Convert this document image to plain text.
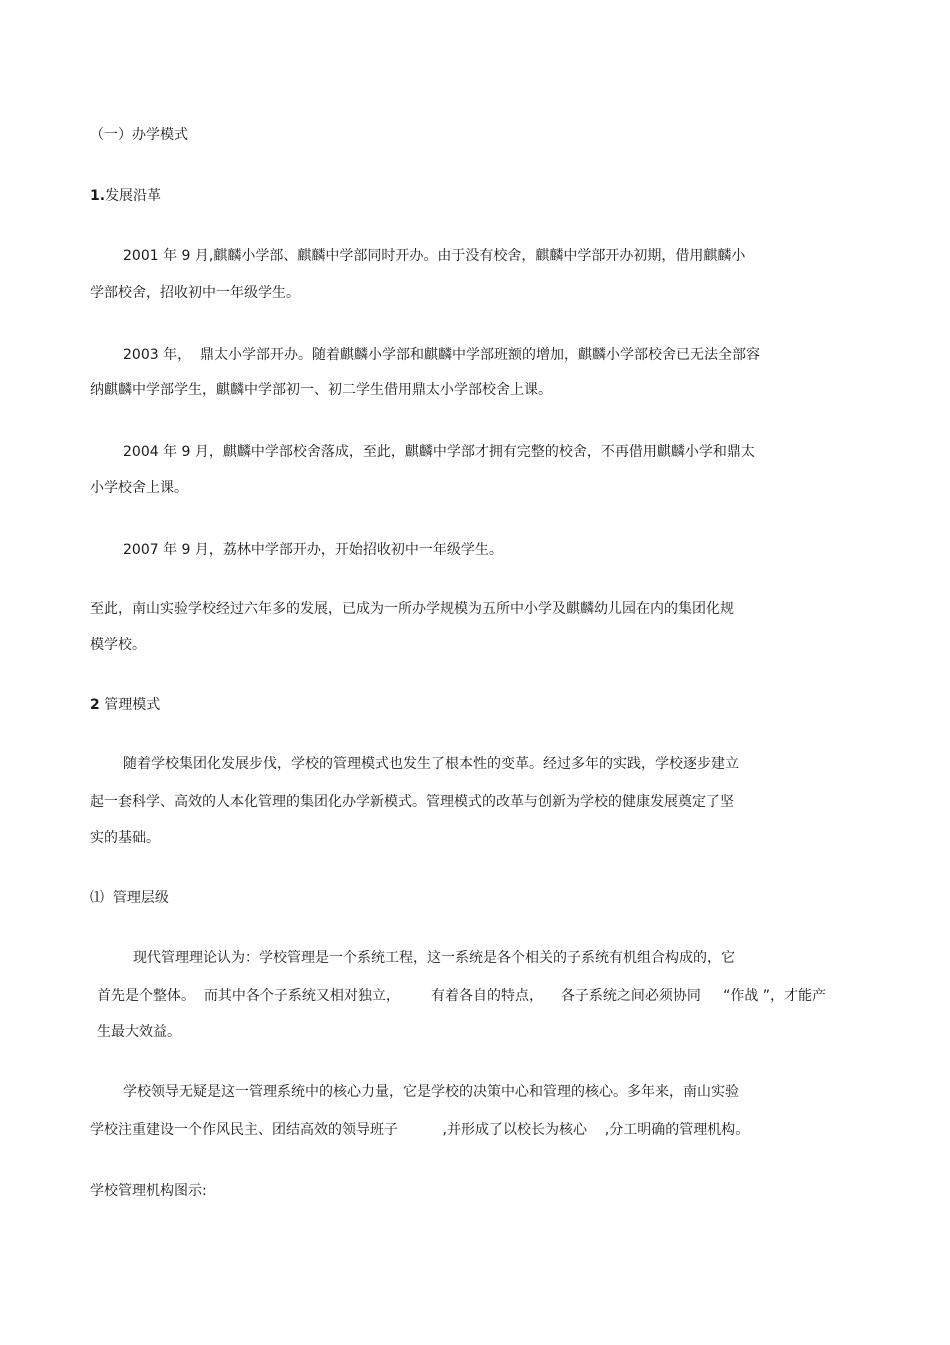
（一）办学模式

1.发展沿革

2001 年 9 月,麒麟小学部、麒麟中学部同时开办。由于没有校舍，麒麟中学部开办初期，借用麒麟小

学部校舍，招收初中一年级学生。

2003 年，  鼎太小学部开办。随着麒麟小学部和麒麟中学部班额的增加，麒麟小学部校舍已无法全部容

纳麒麟中学部学生，麒麟中学部初一、初二学生借用鼎太小学部校舍上课。

2004 年 9 月，麒麟中学部校舍落成，至此，麒麟中学部才拥有完整的校舍，不再借用麒麟小学和鼎太

小学校舍上课。

2007 年 9 月，荔林中学部开办，开始招收初中一年级学生。

至此，南山实验学校经过六年多的发展，已成为一所办学规模为五所中小学及麒麟幼儿园在内的集团化规

模学校。

2 管理模式

随着学校集团化发展步伐，学校的管理模式也发生了根本性的变革。经过多年的实践，学校逐步建立

起一套科学、高效的人本化管理的集团化办学新模式。管理模式的改革与创新为学校的健康发展奠定了坚

实的基础。

⑴  管理层级

现代管理理论认为：学校管理是一个系统工程，这一系统是各个相关的子系统有机组合构成的，它

首先是个整体。  而其中各个子系统又相对独立，       有着各自的特点，    各子系统之间必须协同     “作战 ”，才能产

生最大效益。

学校领导无疑是这一管理系统中的核心力量，它是学校的决策中心和管理的核心。多年来，南山实验

学校注重建设一个作风民主、团结高效的领导班子          ,并形成了以校长为核心    ,分工明确的管理机构。

学校管理机构图示:
